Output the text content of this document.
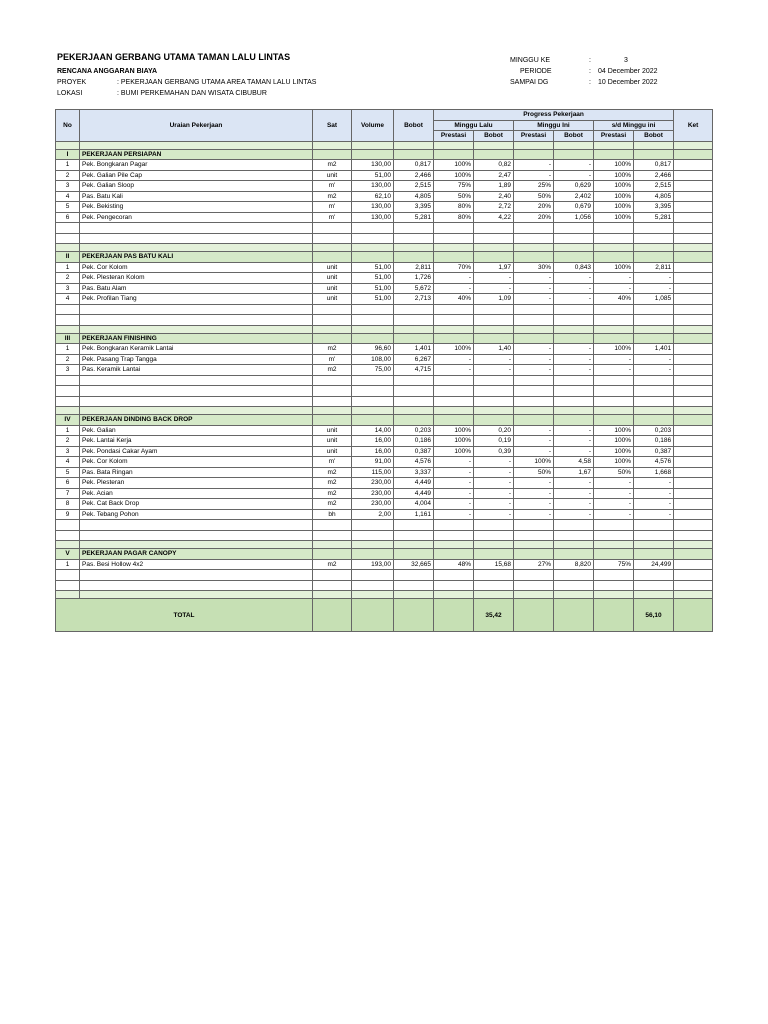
PEKERJAAN GERBANG UTAMA TAMAN LALU LINTAS
RENCANA ANGGARAN BIAYA
PROYEK	: PEKERJAAN GERBANG UTAMA AREA TAMAN LALU LINTAS
LOKASI	: BUMI PERKEMAHAN DAN WISATA CIBUBUR
MINGGU KE	:	3
PERIODE	: 04 December 2022
SAMPAI DG	: 10 December 2022
No	Uraian Pekerjaan	Sat	Volume	Bobot	Progress Pekerjaan						Ket
					Minggu Lalu		Minggu Ini		s/d Minggu ini		
					Prestasi	Bobot	Prestasi	Bobot	Prestasi	Bobot	

I	PEKERJAAN PERSIAPAN										
1	Pek. Bongkaran Pagar	m2	130,00	0,817	100%	0,82	-	-	100%	0,817	
2	Pek. Galian Pile Cap	unit	51,00	2,466	100%	2,47	-	-	100%	2,466	
3	Pek. Galian Sloop	m'	130,00	2,515	75%	1,89	25%	0,629	100%	2,515	
4	Pas. Batu Kali	m2	62,10	4,805	50%	2,40	50%	2,402	100%	4,805	
5	Pek. Bekisting	m'	130,00	3,395	80%	2,72	20%	0,679	100%	3,395	
6	Pek. Pengecoran	m'	130,00	5,281	80%	4,22	20%	1,056	100%	5,281	

II	PEKERJAAN PAS BATU KALI										
1	Pek. Cor Kolom	unit	51,00	2,811	70%	1,97	30%	0,843	100%	2,811	
2	Pek. Plesteran Kolom	unit	51,00	1,726	-	-	-	-	-	-	
3	Pas. Batu Alam	unit	51,00	5,672	-	-	-	-	-	-	
4	Pek. Profilan Tiang	unit	51,00	2,713	40%	1,09	-	-	40%	1,085	

III	PEKERJAAN FINISHING										
1	Pek. Bongkaran Keramik Lantai	m2	96,60	1,401	100%	1,40	-	-	100%	1,401	
2	Pek. Pasang Trap Tangga	m'	108,00	6,267	-	-	-	-	-	-	
3	Pas. Keramik Lantai	m2	75,00	4,715	-	-	-	-	-	-	

IV	PEKERJAAN DINDING BACK DROP										
1	Pek. Galian	unit	14,00	0,203	100%	0,20	-	-	100%	0,203	
2	Pek. Lantai Kerja	unit	16,00	0,186	100%	0,19	-	-	100%	0,186	
3	Pek. Pondasi Cakar Ayam	unit	16,00	0,387	100%	0,39	-	-	100%	0,387	
4	Pek. Cor Kolom	m'	91,00	4,576	-	-	100%	4,58	100%	4,576	
5	Pas. Bata Ringan	m2	115,00	3,337	-	-	50%	1,67	50%	1,668	
6	Pek. Plesteran	m2	230,00	4,449	-	-	-	-	-	-	
7	Pek. Acian	m2	230,00	4,449	-	-	-	-	-	-	
8	Pek. Cat Back Drop	m2	230,00	4,004	-	-	-	-	-	-	
9	Pek. Tebang Pohon	bh	2,00	1,161	-	-	-	-	-	-	

V	PEKERJAAN PAGAR CANOPY										
1	Pas. Besi Hollow 4x2	m2	193,00	32,665	48%	15,68	27%	8,820	75%	24,499	

TOTAL						35,42				56,10	
